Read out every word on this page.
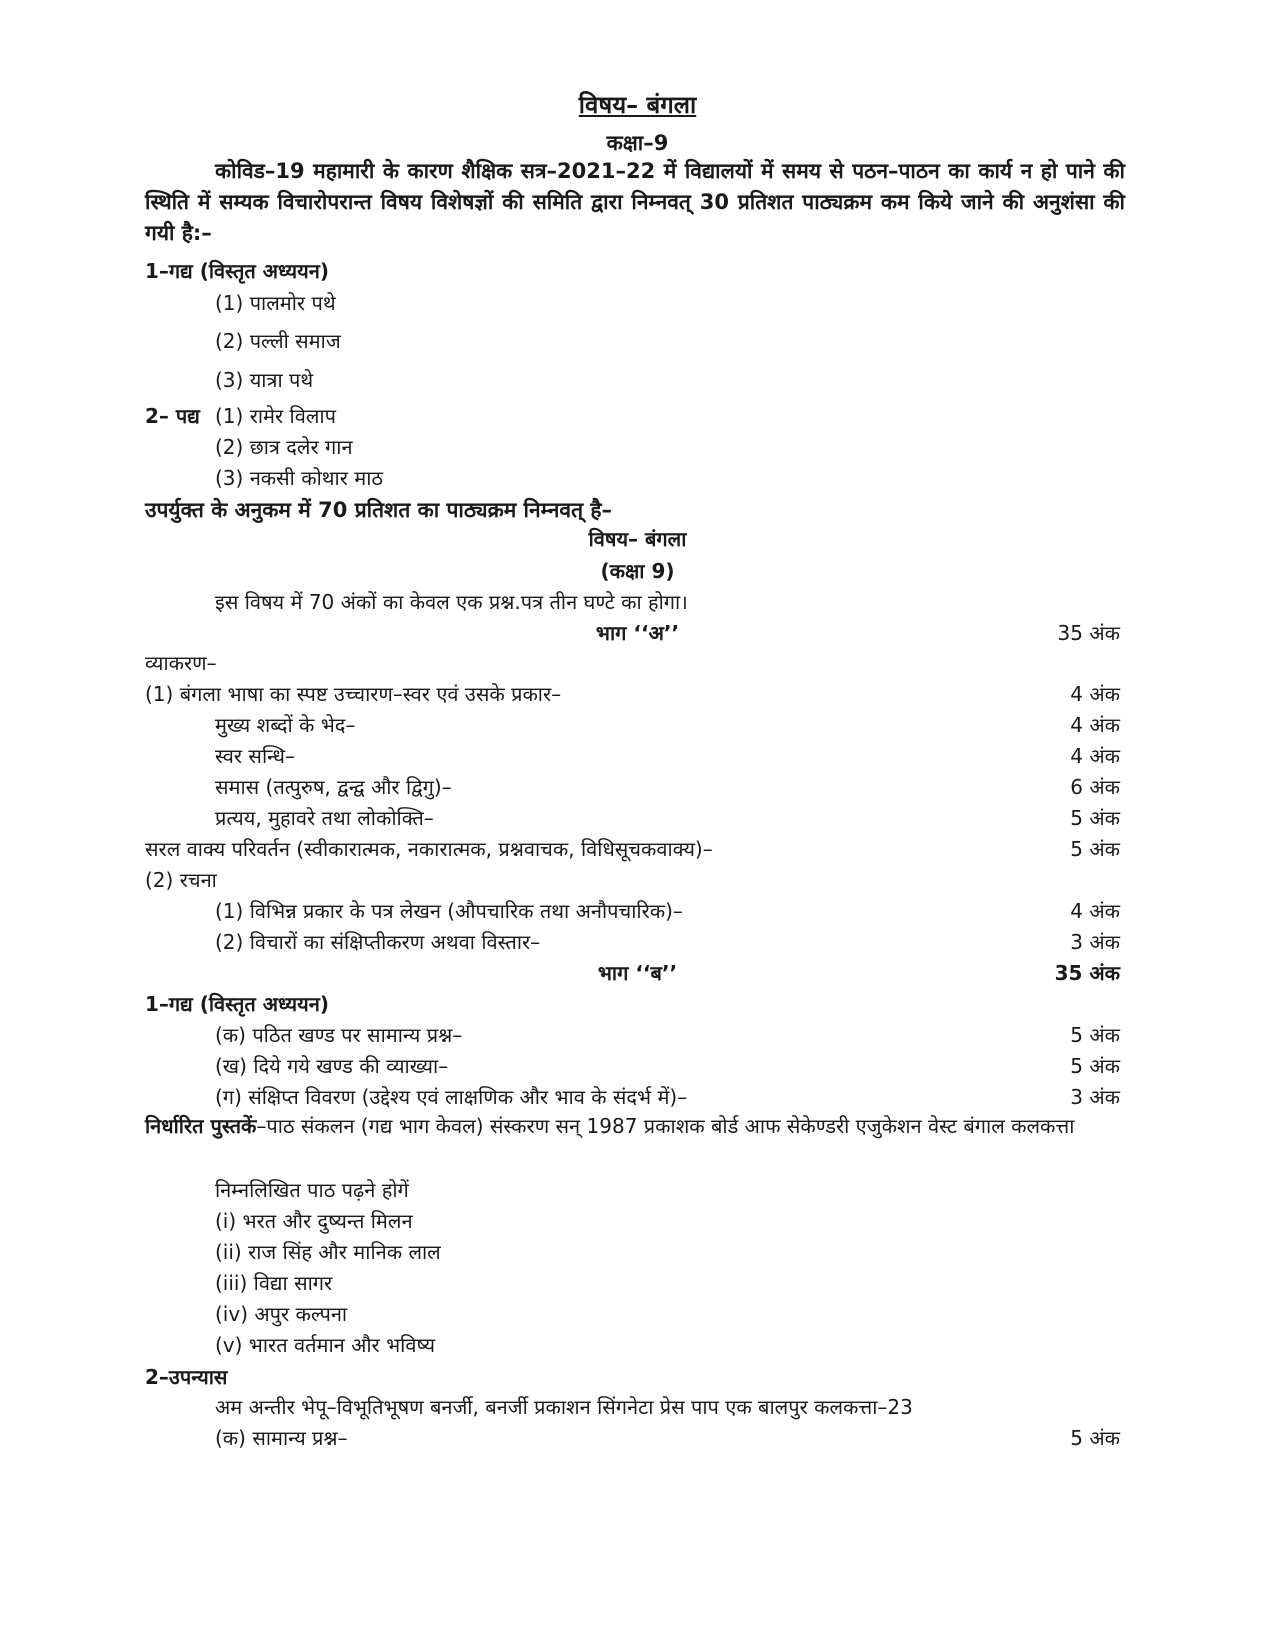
विषय– बंगला
कक्षा–9
कोविड–19 महामारी के कारण शैक्षिक सत्र–2021–22 में विद्यालयों में समय से पठन–पाठन का कार्य न हो पाने की स्थिति में सम्यक विचारोपरान्त विषय विशेषज्ञों की समिति द्वारा निम्नवत् 30 प्रतिशत पाठ्यक्रम कम किये जाने की अनुशंसा की गयी है:–
1–गद्य (विस्तृत अध्ययन)
(1) पालमोर पथे
(2) पल्ली समाज
(3) यात्रा पथे
2– पद्य (1) रामेर विलाप
(2) छात्र दलेर गान
(3) नकसी कोथार माठ
उपर्युक्त के अनुकम में 70 प्रतिशत का पाठ्यक्रम निम्नवत् है–
विषय– बंगला
(कक्षा 9)
इस विषय में 70 अंकों का केवल एक प्रश्न.पत्र तीन घण्टे का होगा।
भाग ‘‘अ’’	35 अंक
व्याकरण–
(1) बंगला भाषा का स्पष्ट उच्चारण–स्वर एवं उसके प्रकार–	4 अंक
मुख्य शब्दों के भेद–	4 अंक
स्वर सन्धि–	4 अंक
समास (तत्पुरुष, द्वन्द्व और द्विगु)–	6 अंक
प्रत्यय, मुहावरे तथा लोकोक्ति–	5 अंक
सरल वाक्य परिवर्तन (स्वीकारात्मक, नकारात्मक, प्रश्नवाचक, विधिसूचकवाक्य)–	5 अंक
(2) रचना
(1) विभिन्न प्रकार के पत्र लेखन (औपचारिक तथा अनौपचारिक)–	4 अंक
(2) विचारों का संक्षिप्तीकरण अथवा विस्तार–	3 अंक
भाग ‘‘ब’’	35 अंक
1–गद्य (विस्तृत अध्ययन)
(क) पठित खण्ड पर सामान्य प्रश्न–	5 अंक
(ख) दिये गये खण्ड की व्याख्या–	5 अंक
(ग) संक्षिप्त विवरण (उद्देश्य एवं लाक्षणिक और भाव के संदर्भ में)–	3 अंक
निर्धारित पुस्तकें–पाठ संकलन (गद्य भाग केवल) संस्करण सन् 1987 प्रकाशक बोर्ड आफ सेकेण्डरी एजुकेशन वेस्ट बंगाल कलकत्ता
निम्नलिखित पाठ पढ़ने होगें
(i) भरत और दुष्यन्त मिलन
(ii) राज सिंह और मानिक लाल
(iii) विद्या सागर
(iv) अपुर कल्पना
(v) भारत वर्तमान और भविष्य
2–उपन्यास
अम अन्तीर भेपू–विभूतिभूषण बनर्जी, बनर्जी प्रकाशन सिंगनेटा प्रेस पाप एक बालपुर कलकत्ता–23
(क) सामान्य प्रश्न–	5 अंक
